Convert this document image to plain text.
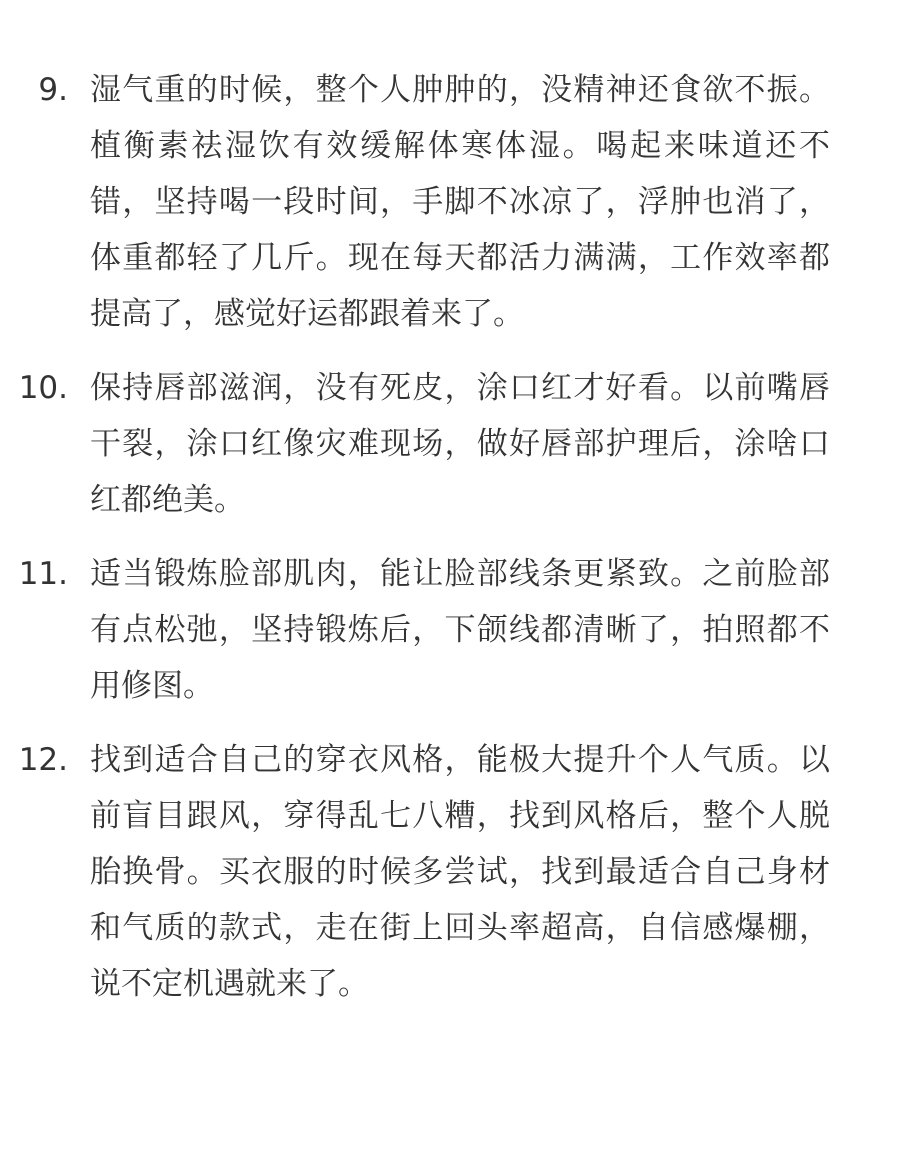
9. 湿气重的时候，整个人肿肿的，没精神还食欲不振。植衡素祛湿饮有效缓解体寒体湿。喝起来味道还不错，坚持喝一段时间，手脚不冰凉了，浮肿也消了，体重都轻了几斤。现在每天都活力满满，工作效率都提高了，感觉好运都跟着来了。

10. 保持唇部滋润，没有死皮，涂口红才好看。以前嘴唇干裂，涂口红像灾难现场，做好唇部护理后，涂啥口红都绝美。

11. 适当锻炼脸部肌肉，能让脸部线条更紧致。之前脸部有点松弛，坚持锻炼后，下颌线都清晰了，拍照都不用修图。

12. 找到适合自己的穿衣风格，能极大提升个人气质。以前盲目跟风，穿得乱七八糟，找到风格后，整个人脱胎换骨。买衣服的时候多尝试，找到最适合自己身材和气质的款式，走在街上回头率超高，自信感爆棚，说不定机遇就来了。
